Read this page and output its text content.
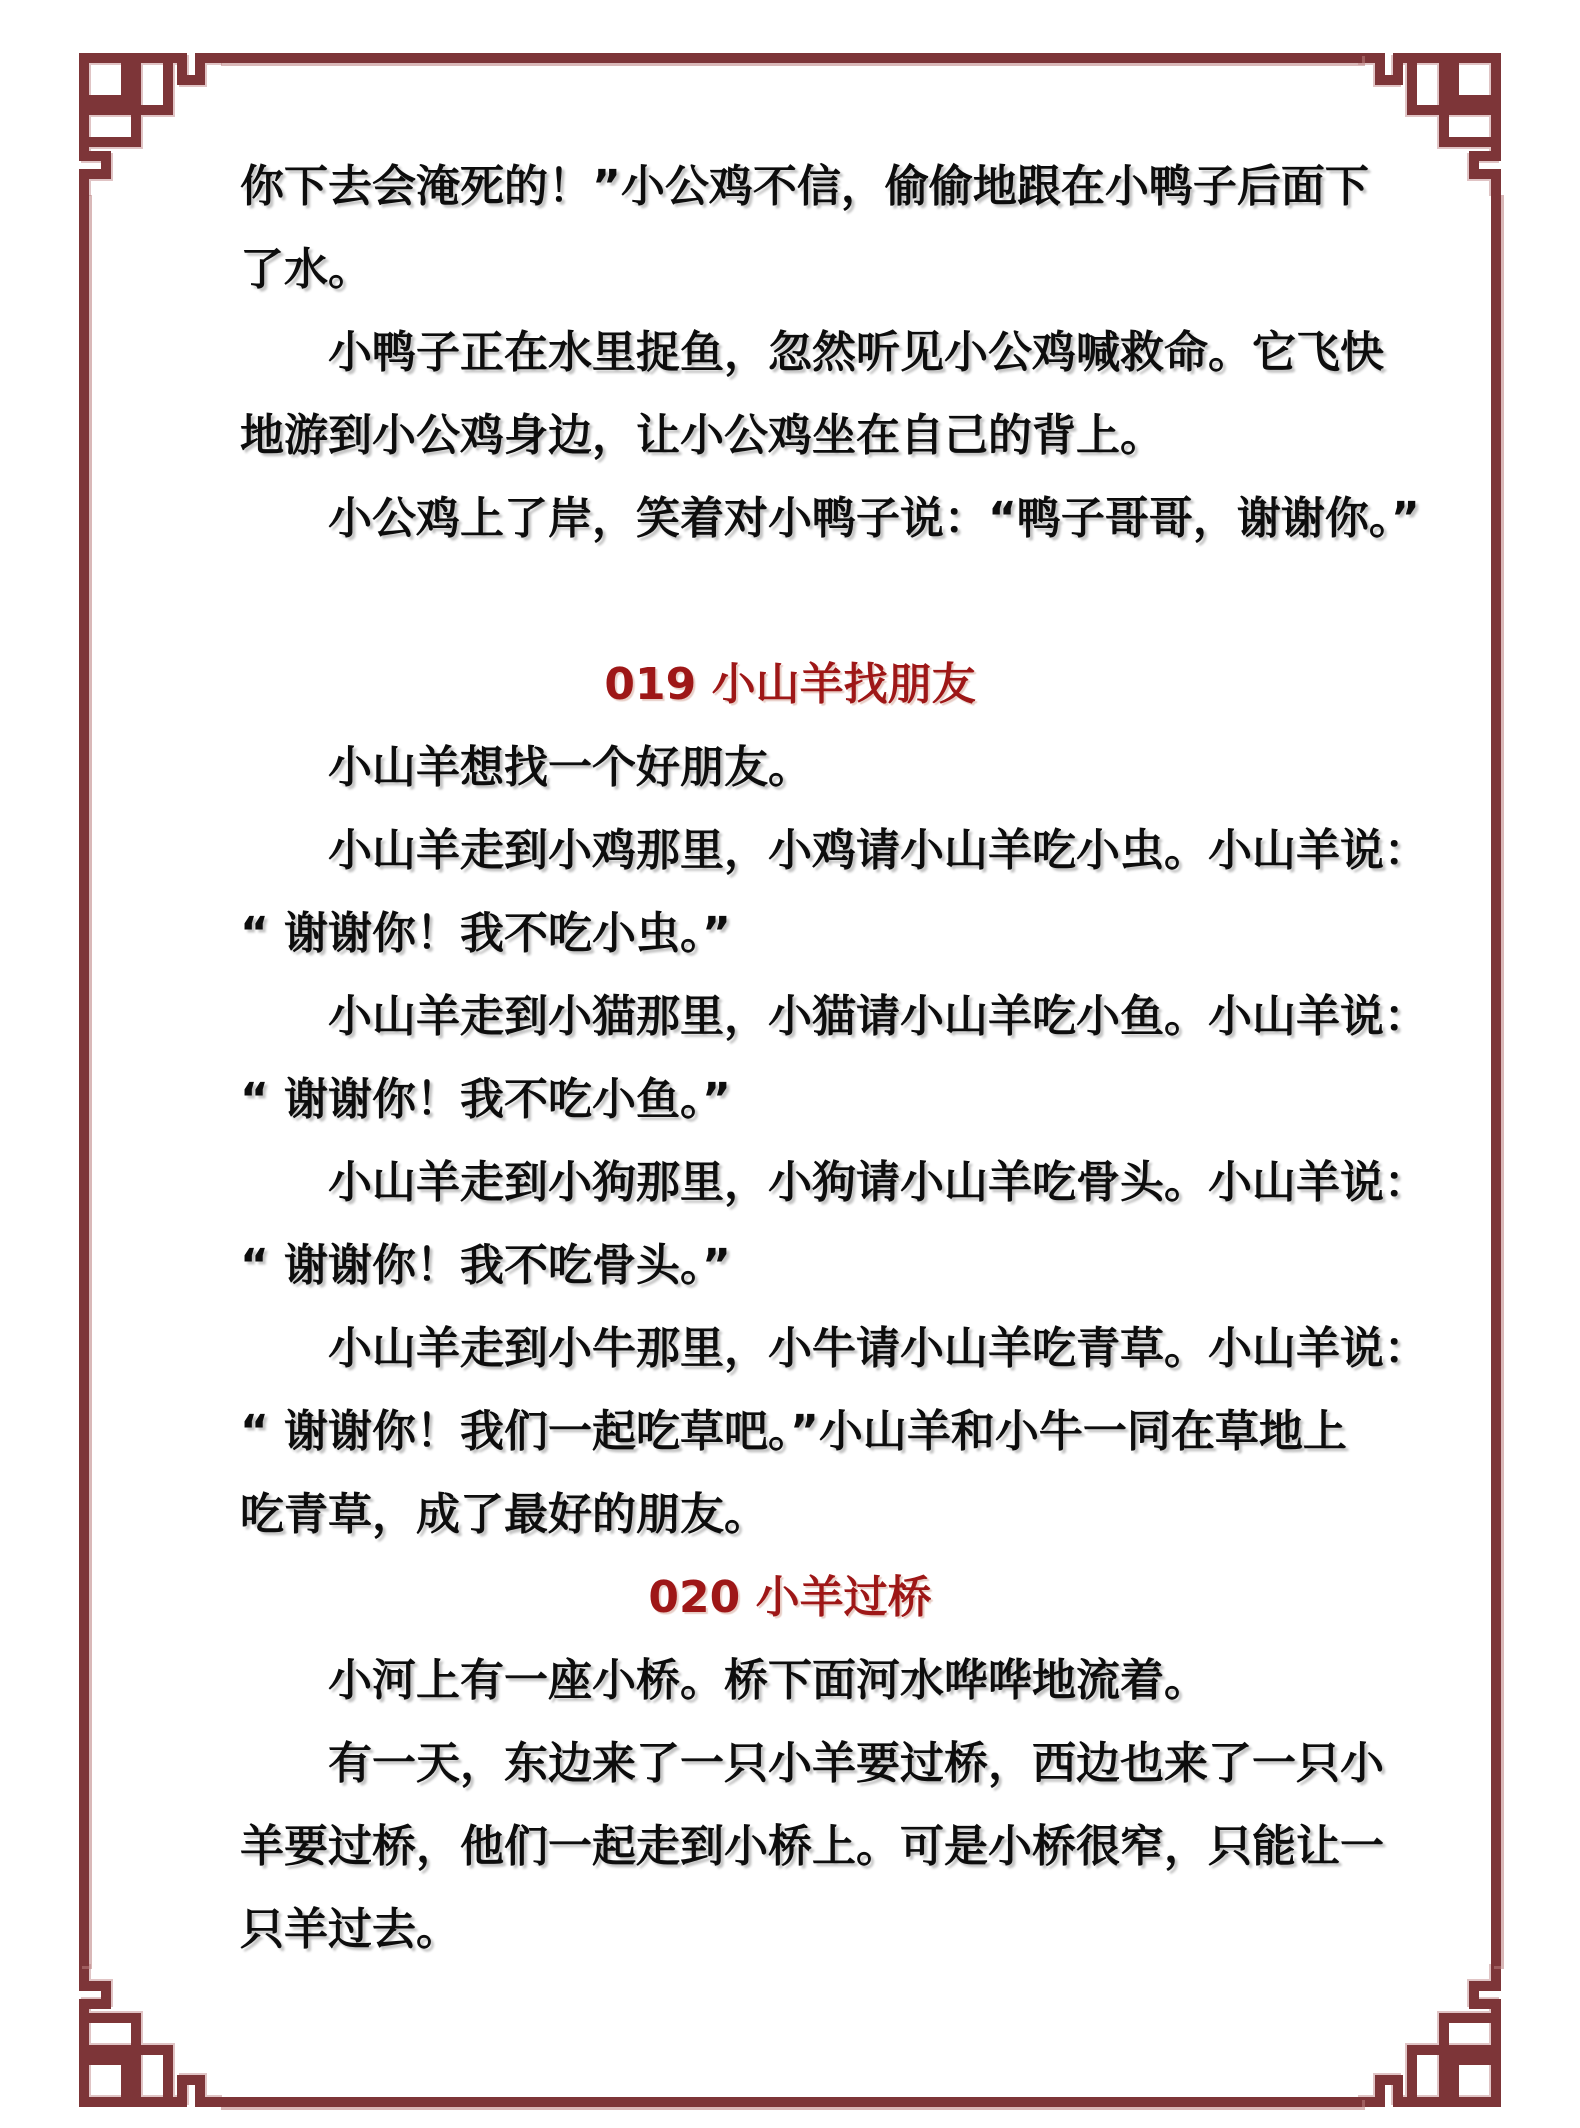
你下去会淹死的！”小公鸡不信，偷偷地跟在小鸭子后面下
了水。
小鸭子正在水里捉鱼，忽然听见小公鸡喊救命。它飞快
地游到小公鸡身边，让小公鸡坐在自己的背上。
小公鸡上了岸，笑着对小鸭子说：“鸭子哥哥，谢谢你。”
019 小山羊找朋友
小山羊想找一个好朋友。
小山羊走到小鸡那里，小鸡请小山羊吃小虫。小山羊说：
“ 谢谢你！我不吃小虫。”
小山羊走到小猫那里，小猫请小山羊吃小鱼。小山羊说：
“ 谢谢你！我不吃小鱼。”
小山羊走到小狗那里，小狗请小山羊吃骨头。小山羊说：
“ 谢谢你！我不吃骨头。”
小山羊走到小牛那里，小牛请小山羊吃青草。小山羊说：
“ 谢谢你！我们一起吃草吧。”小山羊和小牛一同在草地上
吃青草，成了最好的朋友。
020 小羊过桥
小河上有一座小桥。桥下面河水哗哗地流着。
有一天，东边来了一只小羊要过桥，西边也来了一只小
羊要过桥，他们一起走到小桥上。可是小桥很窄，只能让一
只羊过去。
